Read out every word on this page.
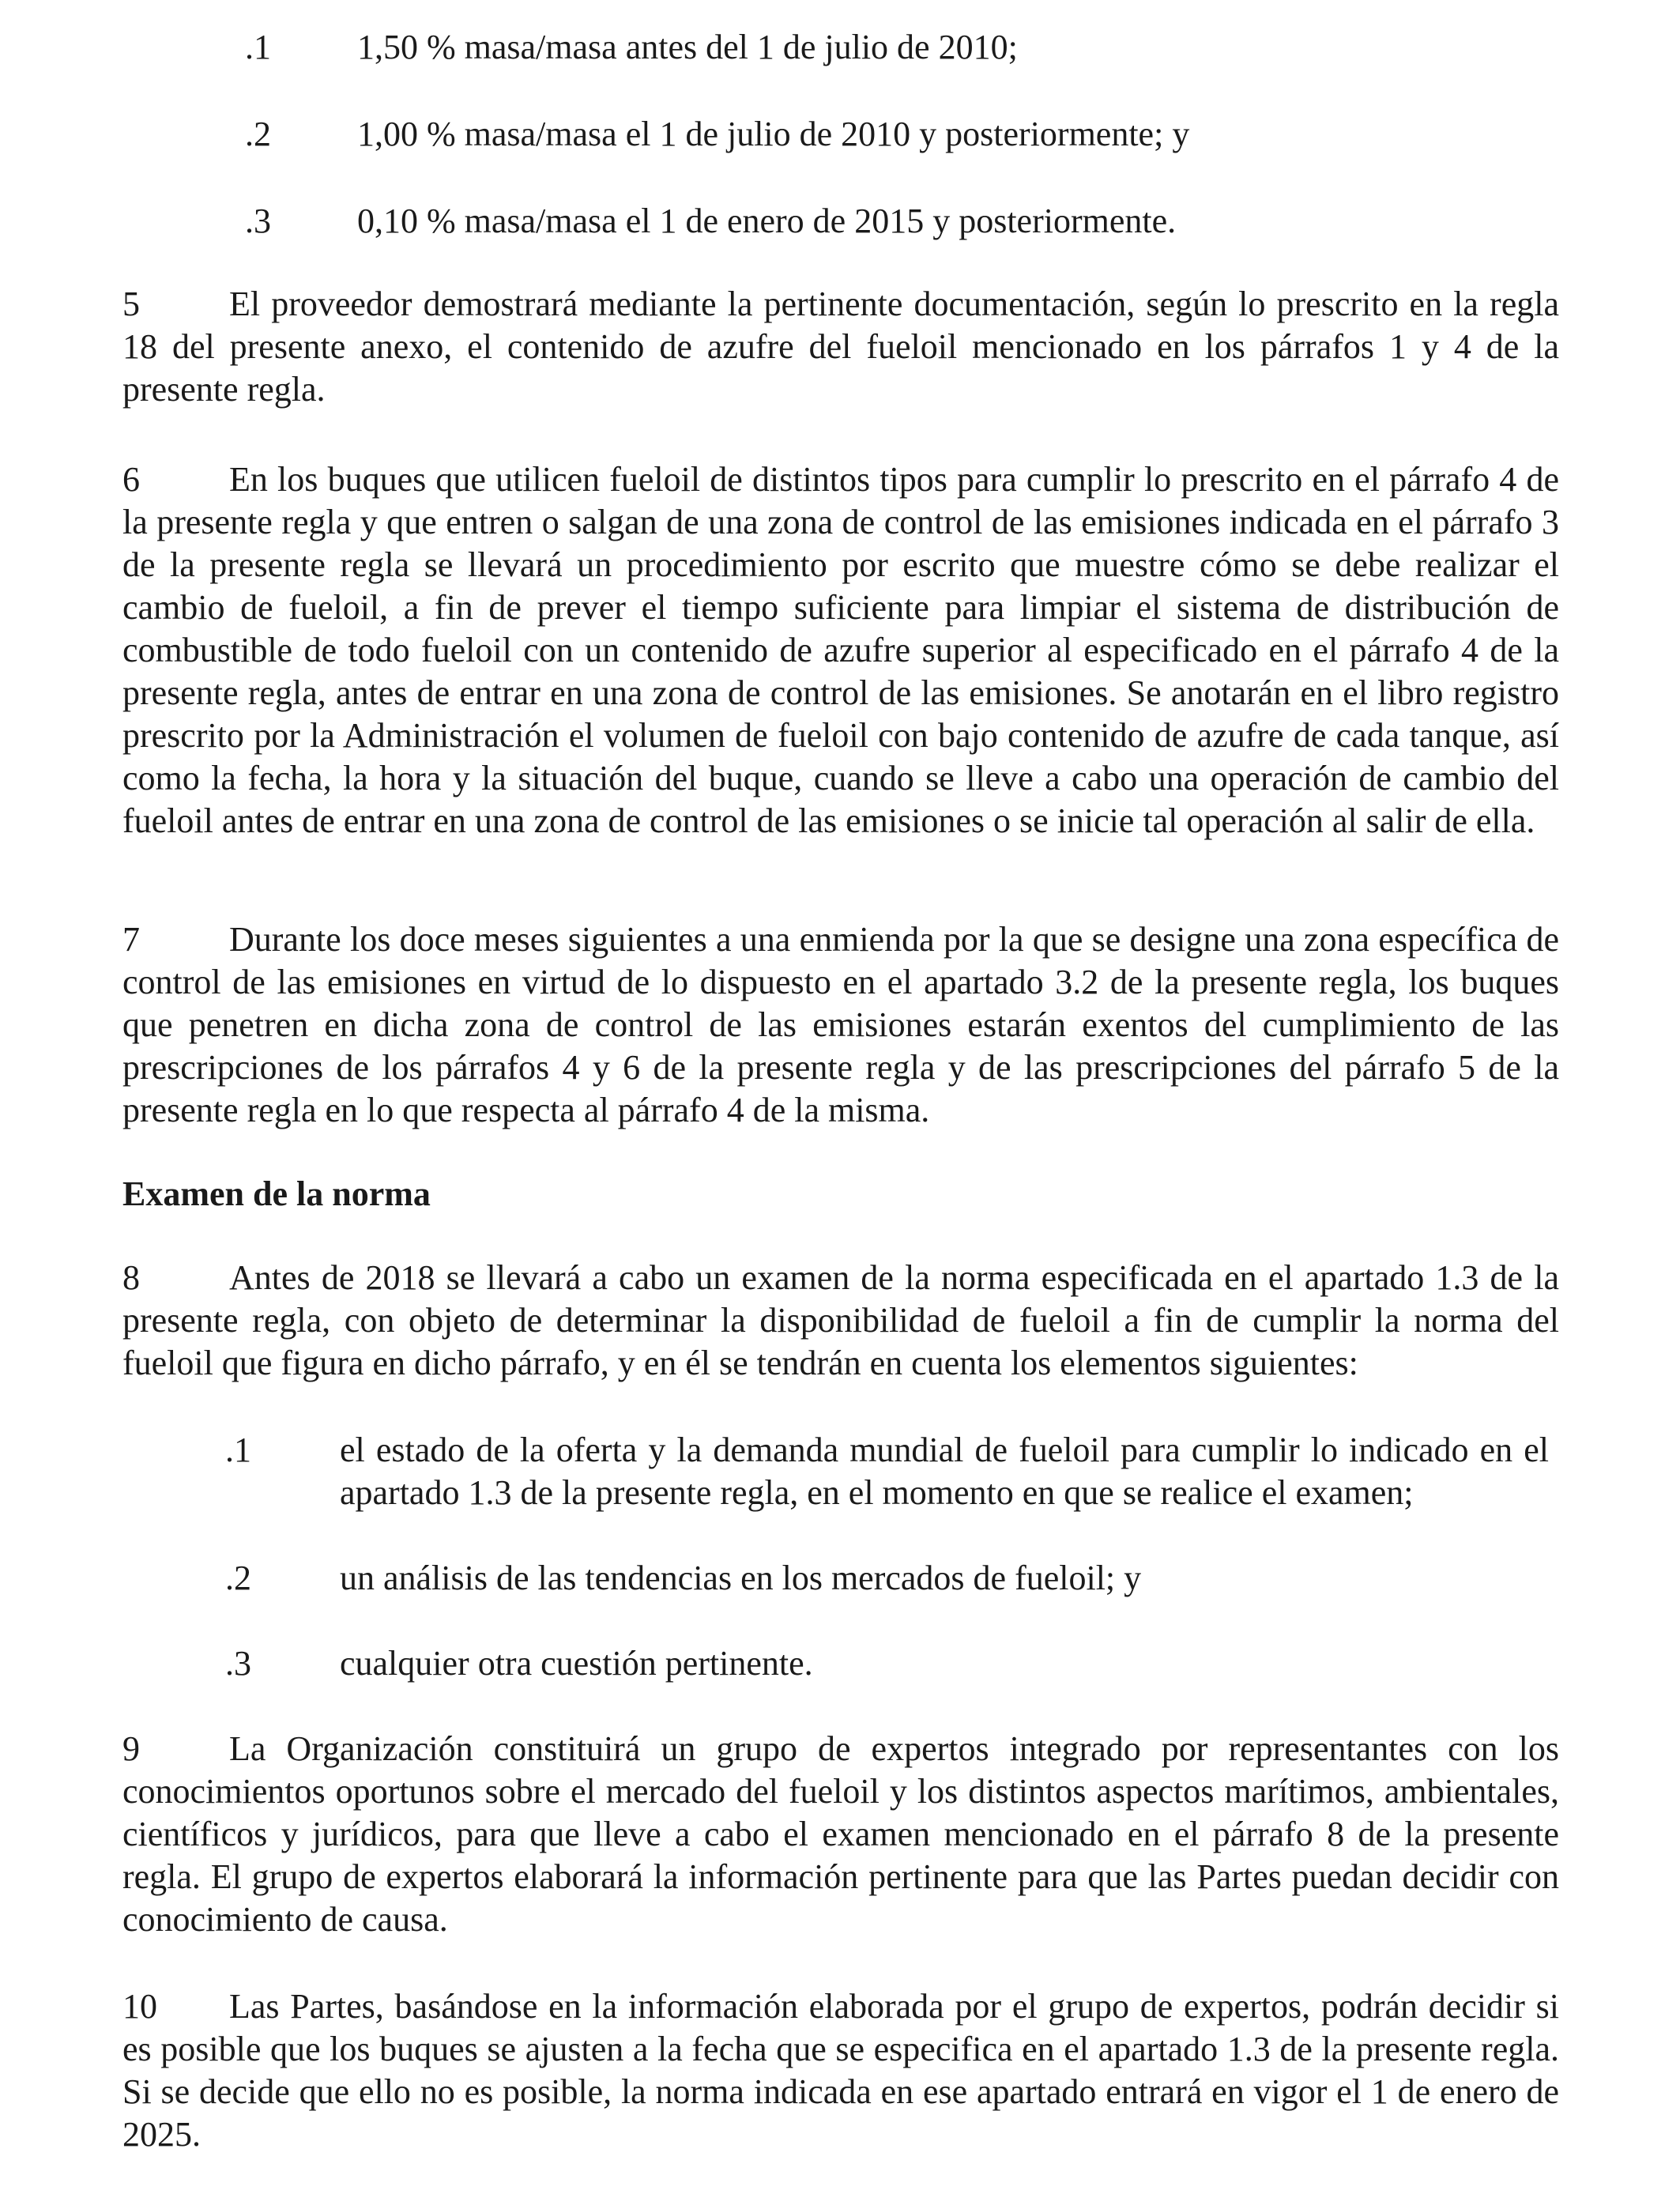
.1 1,50 % masa/masa antes del 1 de julio de 2010;
.2 1,00 % masa/masa el 1 de julio de 2010 y posteriormente; y
.3 0,10 % masa/masa el 1 de enero de 2015 y posteriormente.
5	El proveedor demostrará mediante la pertinente documentación, según lo prescrito en la regla 18 del presente anexo, el contenido de azufre del fueloil mencionado en los párrafos 1 y 4 de la presente regla.
6	En los buques que utilicen fueloil de distintos tipos para cumplir lo prescrito en el párrafo 4 de la presente regla y que entren o salgan de una zona de control de las emisiones indicada en el párrafo 3 de la presente regla se llevará un procedimiento por escrito que muestre cómo se debe realizar el cambio de fueloil, a fin de prever el tiempo suficiente para limpiar el sistema de distribución de combustible de todo fueloil con un contenido de azufre superior al especificado en el párrafo 4 de la presente regla, antes de entrar en una zona de control de las emisiones. Se anotarán en el libro registro prescrito por la Administración el volumen de fueloil con bajo contenido de azufre de cada tanque, así como la fecha, la hora y la situación del buque, cuando se lleve a cabo una operación de cambio del fueloil antes de entrar en una zona de control de las emisiones o se inicie tal operación al salir de ella.
7	Durante los doce meses siguientes a una enmienda por la que se designe una zona específica de control de las emisiones en virtud de lo dispuesto en el apartado 3.2 de la presente regla, los buques que penetren en dicha zona de control de las emisiones estarán exentos del cumplimiento de las prescripciones de los párrafos 4 y 6 de la presente regla y de las prescripciones del párrafo 5 de la presente regla en lo que respecta al párrafo 4 de la misma.
Examen de la norma
8	Antes de 2018 se llevará a cabo un examen de la norma especificada en el apartado 1.3 de la presente regla, con objeto de determinar la disponibilidad de fueloil a fin de cumplir la norma del fueloil que figura en dicho párrafo, y en él se tendrán en cuenta los elementos siguientes:
.1	el estado de la oferta y la demanda mundial de fueloil para cumplir lo indicado en el apartado 1.3 de la presente regla, en el momento en que se realice el examen;
.2	un análisis de las tendencias en los mercados de fueloil; y
.3	cualquier otra cuestión pertinente.
9	La Organización constituirá un grupo de expertos integrado por representantes con los conocimientos oportunos sobre el mercado del fueloil y los distintos aspectos marítimos, ambientales, científicos y jurídicos, para que lleve a cabo el examen mencionado en el párrafo 8 de la presente regla. El grupo de expertos elaborará la información pertinente para que las Partes puedan decidir con conocimiento de causa.
10 Las Partes, basándose en la información elaborada por el grupo de expertos, podrán decidir si es posible que los buques se ajusten a la fecha que se especifica en el apartado 1.3 de la presente regla. Si se decide que ello no es posible, la norma indicada en ese apartado entrará en vigor el 1 de enero de 2025.
